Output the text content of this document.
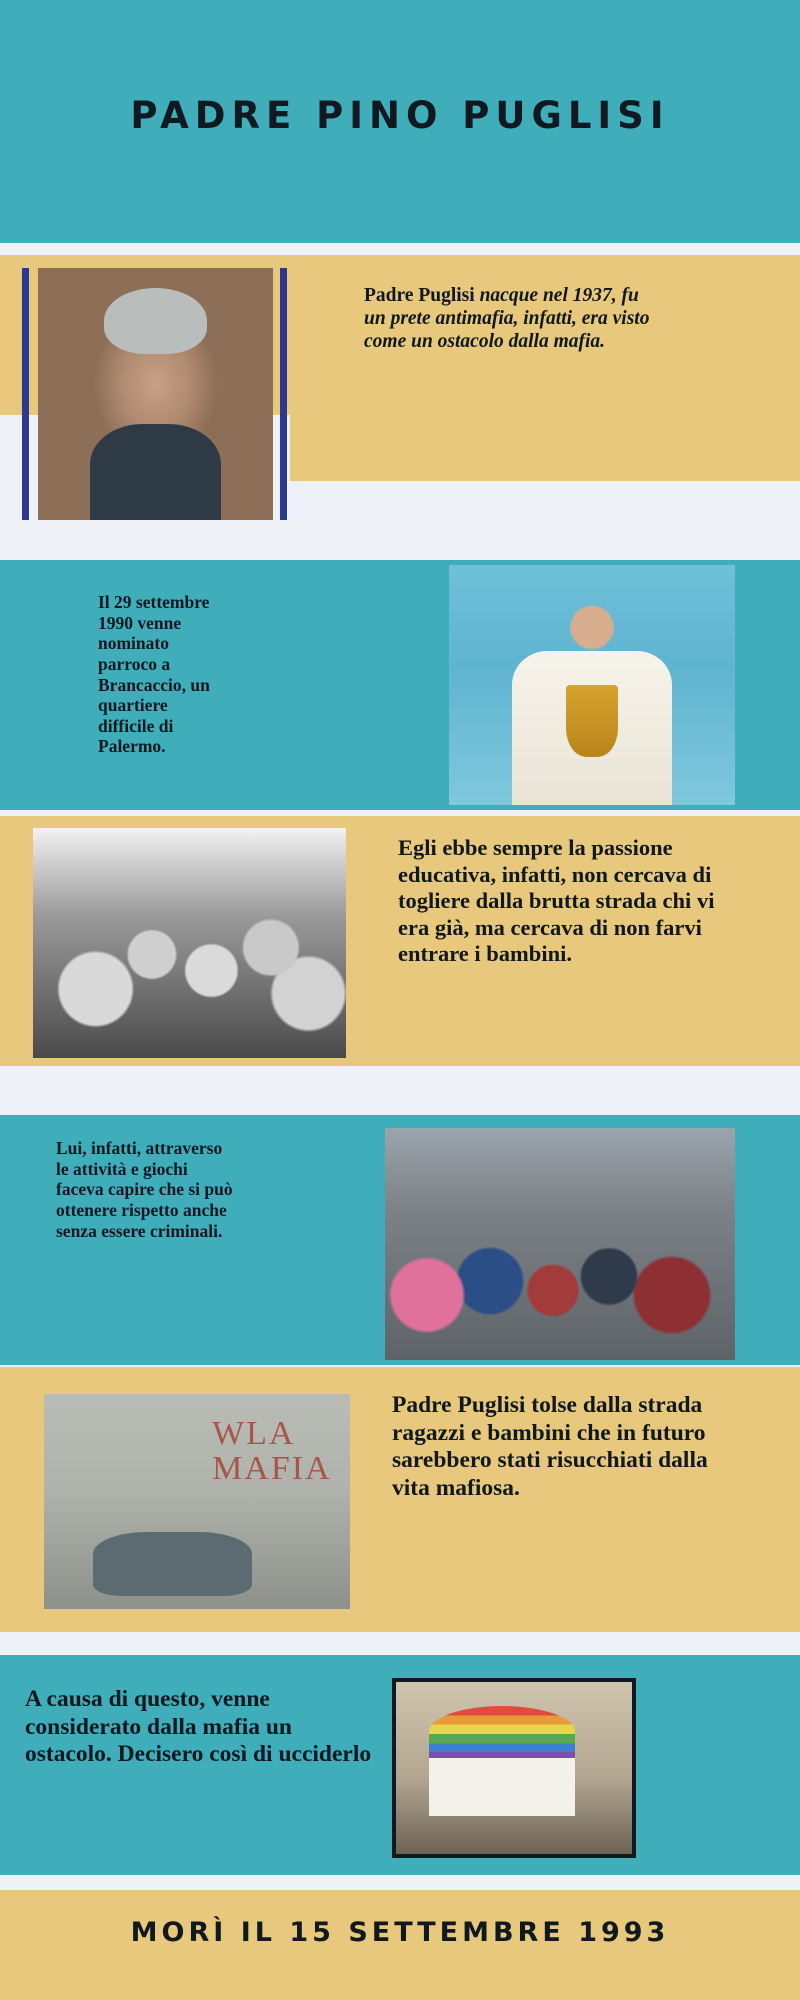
PADRE PINO PUGLISI
Padre Puglisi nacque nel 1937, fu un prete antimafia, infatti, era visto come un ostacolo dalla mafia.
Il 29 settembre 1990 venne nominato parroco a Brancaccio, un quartiere difficile di Palermo.
Egli ebbe sempre la passione educativa, infatti, non cercava di togliere dalla brutta strada chi vi era già, ma cercava di non farvi entrare i bambini.
Lui, infatti, attraverso le attività e giochi faceva capire che si può ottenere rispetto anche senza essere criminali.
WLA MAFIA
Padre Puglisi tolse dalla strada ragazzi e bambini che in futuro sarebbero stati risucchiati dalla vita mafiosa.
A causa di questo, venne considerato dalla mafia un ostacolo. Decisero così di ucciderlo
MORÌ IL 15 SETTEMBRE 1993
